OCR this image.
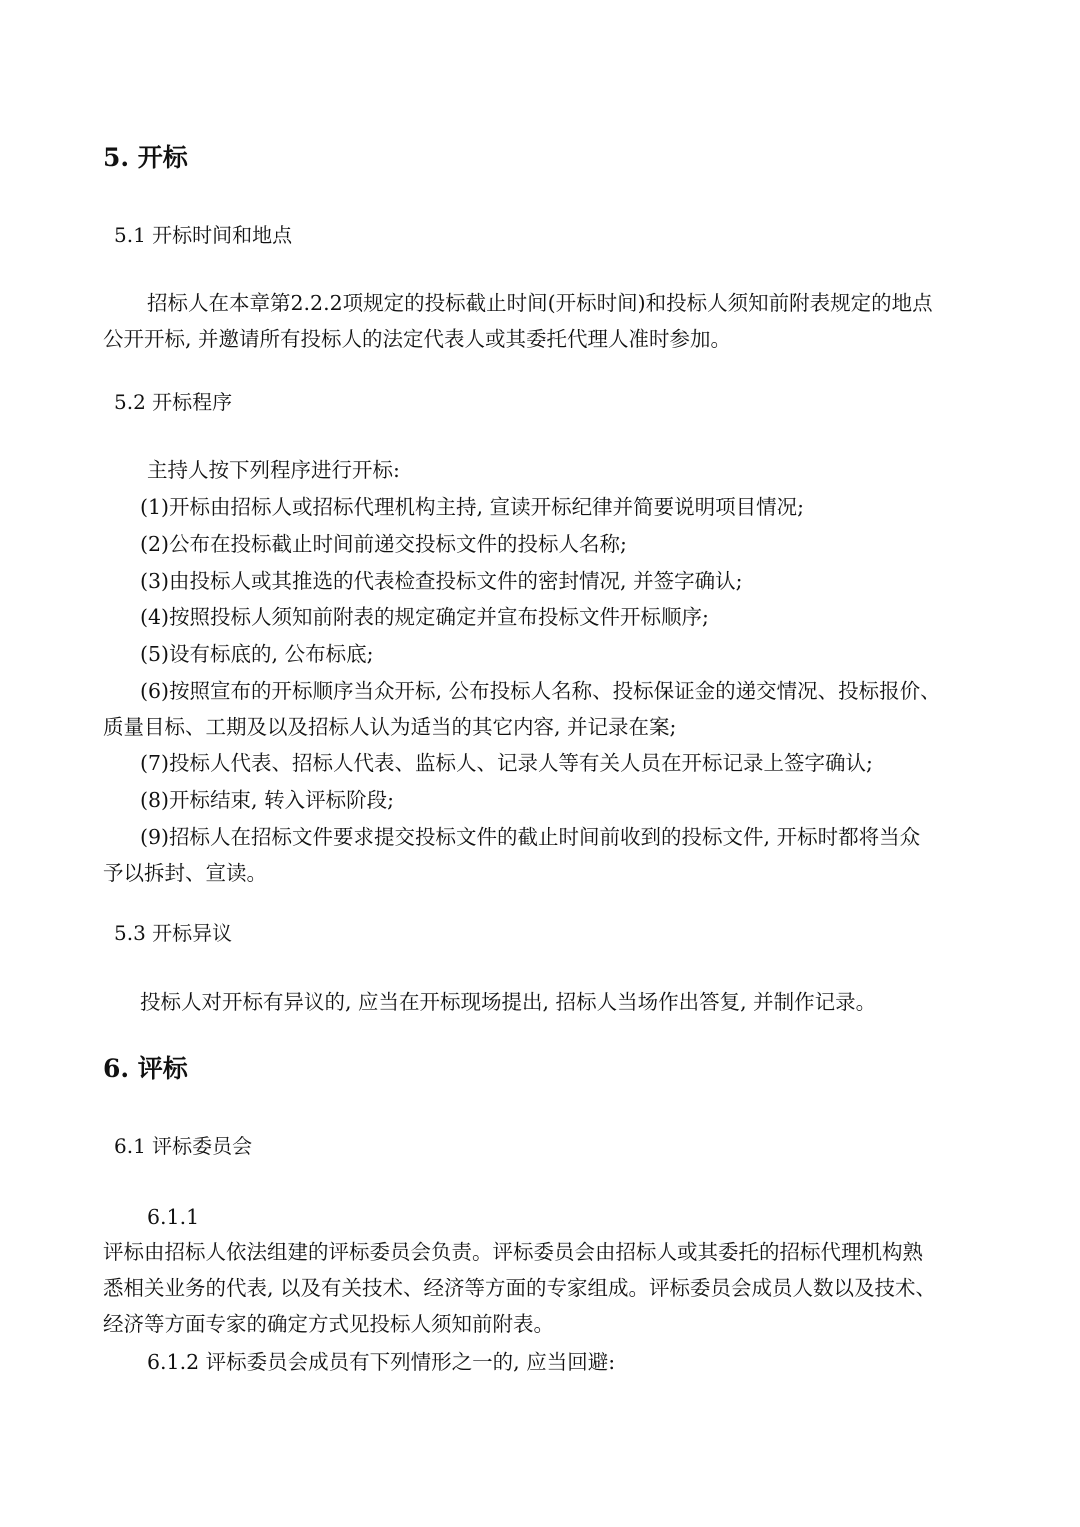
5. 开标
5.1 开标时间和地点
招标人在本章第2.2.2项规定的投标截止时间(开标时间)和投标人须知前附表规定的地点
公开开标, 并邀请所有投标人的法定代表人或其委托代理人准时参加。
5.2 开标程序
主持人按下列程序进行开标:
(1)开标由招标人或招标代理机构主持, 宣读开标纪律并简要说明项目情况;
(2)公布在投标截止时间前递交投标文件的投标人名称;
(3)由投标人或其推选的代表检查投标文件的密封情况, 并签字确认;
(4)按照投标人须知前附表的规定确定并宣布投标文件开标顺序;
(5)设有标底的, 公布标底;
(6)按照宣布的开标顺序当众开标, 公布投标人名称、投标保证金的递交情况、投标报价、
质量目标、工期及以及招标人认为适当的其它内容, 并记录在案;
(7)投标人代表、招标人代表、监标人、记录人等有关人员在开标记录上签字确认;
(8)开标结束, 转入评标阶段;
(9)招标人在招标文件要求提交投标文件的截止时间前收到的投标文件, 开标时都将当众
予以拆封、宣读。
5.3 开标异议
投标人对开标有异议的, 应当在开标现场提出, 招标人当场作出答复, 并制作记录。
6. 评标
6.1 评标委员会
6.1.1
评标由招标人依法组建的评标委员会负责。评标委员会由招标人或其委托的招标代理机构熟
悉相关业务的代表, 以及有关技术、经济等方面的专家组成。评标委员会成员人数以及技术、
经济等方面专家的确定方式见投标人须知前附表。
6.1.2 评标委员会成员有下列情形之一的, 应当回避:
